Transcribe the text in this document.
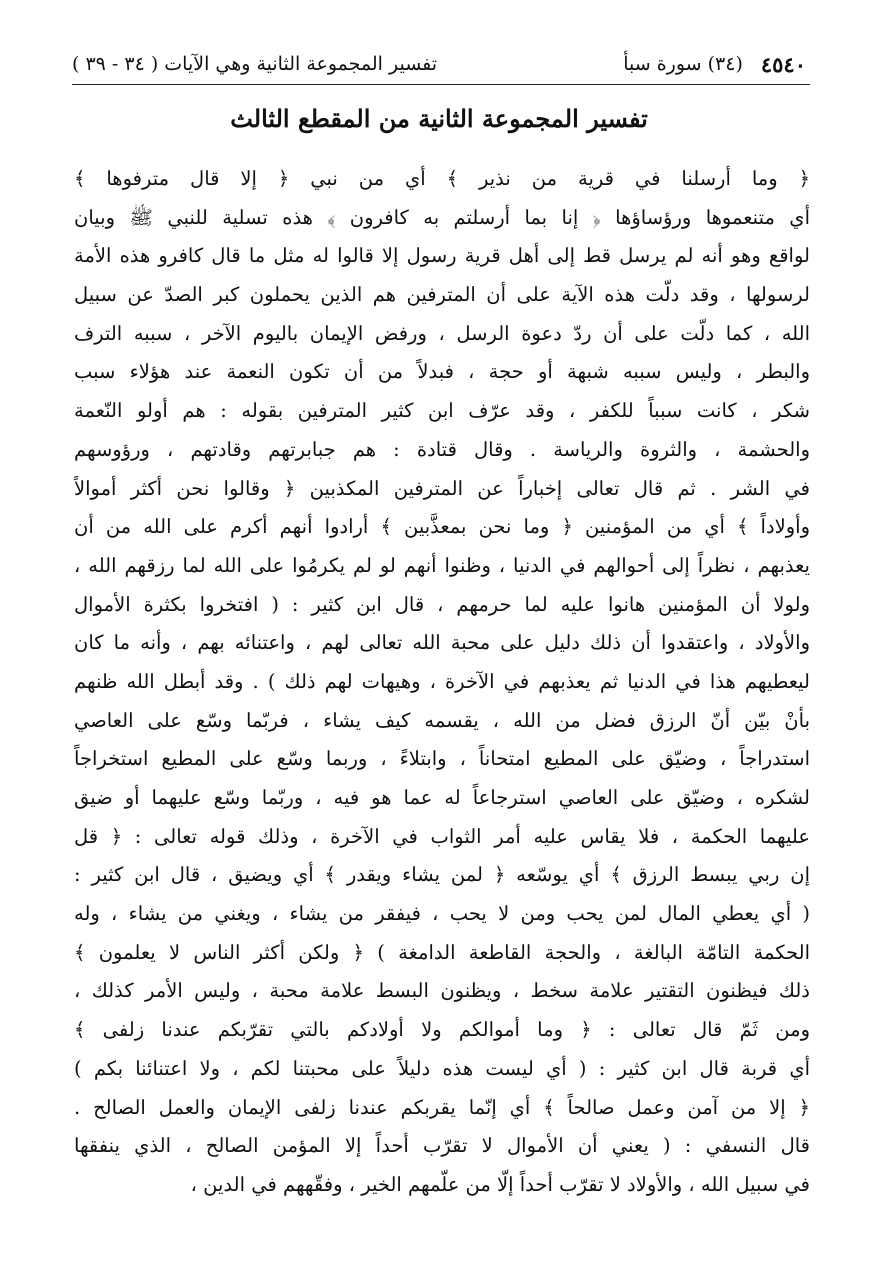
٤٥٤٠
(٣٤) سورة سبأ
تفسير المجموعة الثانية وهي الآيات ( ٣٤ - ٣٩ )
تفسير المجموعة الثانية من المقطع الثالث
﴿ وما أرسلنا في قرية من نذير ﴾ أي من نبي ﴿ إلا قال مترفوها ﴾
أي متنعموها ورؤساؤها ﴿ إنا بما أرسلتم به كافرون ﴾ هذه تسلية للنبي ﷺ وبيان
لواقع وهو أنه لم يرسل قط إلى أهل قرية رسول إلا قالوا له مثل ما قال كافرو هذه الأمة
لرسولها ، وقد دلّت هذه الآية على أن المترفين هم الذين يحملون كبر الصدّ عن سبيل
الله ، كما دلّت على أن ردّ دعوة الرسل ، ورفض الإيمان باليوم الآخر ، سببه الترف
والبطر ، وليس سببه شبهة أو حجة ، فبدلاً من أن تكون النعمة عند هؤلاء سبب
شكر ، كانت سبباً للكفر ، وقد عرّف ابن كثير المترفين بقوله : هم أولو النّعمة
والحشمة ، والثروة والرياسة . وقال قتادة : هم جبابرتهم وقادتهم ، ورؤوسهم
في الشر . ثم قال تعالى إخباراً عن المترفين المكذبين ﴿ وقالوا نحن أكثر أموالاً
وأولاداً ﴾ أي من المؤمنين ﴿ وما نحن بمعذَّبين ﴾ أرادوا أنهم أكرم على الله من أن
يعذبهم ، نظراً إلى أحوالهم في الدنيا ، وظنوا أنهم لو لم يكرمُوا على الله لما رزقهم الله ،
ولولا أن المؤمنين هانوا عليه لما حرمهم ، قال ابن كثير : ( افتخروا بكثرة الأموال
والأولاد ، واعتقدوا أن ذلك دليل على محبة الله تعالى لهم ، واعتنائه بهم ، وأنه ما كان
ليعطيهم هذا في الدنيا ثم يعذبهم في الآخرة ، وهيهات لهم ذلك ) . وقد أبطل الله ظنهم
بأنْ بيّن أنّ الرزق فضل من الله ، يقسمه كيف يشاء ، فربّما وسّع على العاصي
استدراجاً ، وضيّق على المطيع امتحاناً ، وابتلاءً ، وربما وسّع على المطيع استخراجاً
لشكره ، وضيّق على العاصي استرجاعاً له عما هو فيه ، وربّما وسّع عليهما أو ضيق
عليهما الحكمة ، فلا يقاس عليه أمر الثواب في الآخرة ، وذلك قوله تعالى : ﴿ قل
إن ربي يبسط الرزق ﴾ أي يوسّعه ﴿ لمن يشاء ويقدر ﴾ أي ويضيق ، قال ابن كثير :
( أي يعطي المال لمن يحب ومن لا يحب ، فيفقر من يشاء ، ويغني من يشاء ، وله
الحكمة التامّة البالغة ، والحجة القاطعة الدامغة ) ﴿ ولكن أكثر الناس لا يعلمون ﴾
ذلك فيظنون التقتير علامة سخط ، ويظنون البسط علامة محبة ، وليس الأمر كذلك ،
ومن ثَمّ قال تعالى : ﴿ وما أموالكم ولا أولادكم بالتي تقرّبكم عندنا زلفى ﴾
أي قربة قال ابن كثير : ( أي ليست هذه دليلاً على محبتنا لكم ، ولا اعتنائنا بكم )
﴿ إلا من آمن وعمل صالحاً ﴾ أي إنّما يقربكم عندنا زلفى الإيمان والعمل الصالح .
قال النسفي : ( يعني أن الأموال لا تقرّب أحداً إلا المؤمن الصالح ، الذي ينفقها
في سبيل الله ، والأولاد لا تقرّب أحداً إلّا من علّمهم الخير ، وفقّههم في الدين ،
